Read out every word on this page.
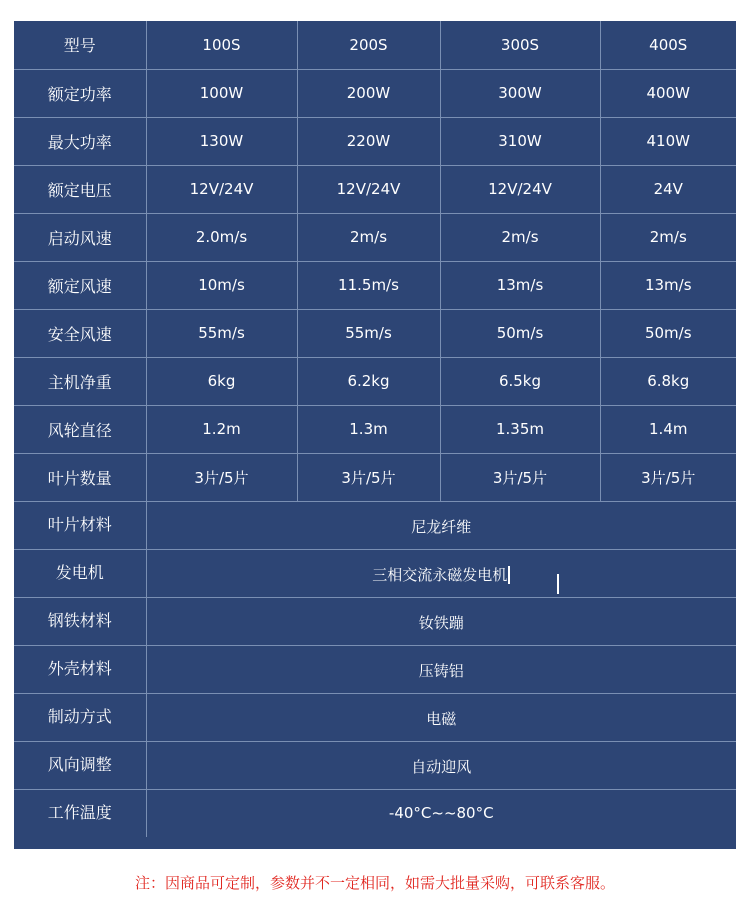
型号	100S	200S	300S	400S
额定功率	100W	200W	300W	400W
最大功率	130W	220W	310W	410W
额定电压	12V/24V	12V/24V	12V/24V	24V
启动风速	2.0m/s	2m/s	2m/s	2m/s
额定风速	10m/s	11.5m/s	13m/s	13m/s
安全风速	55m/s	55m/s	50m/s	50m/s
主机净重	6kg	6.2kg	6.5kg	6.8kg
风轮直径	1.2m	1.3m	1.35m	1.4m
叶片数量	3片/5片	3片/5片	3片/5片	3片/5片
叶片材料	尼龙纤维			
发电机	三相交流永磁发电机			
钢铁材料	钕铁蹦			
外壳材料	压铸铝			
制动方式	电磁			
风向调整	自动迎风			
工作温度	-40°C~~80°C			
注：因商品可定制，参数并不一定相同，如需大批量采购，可联系客服。
